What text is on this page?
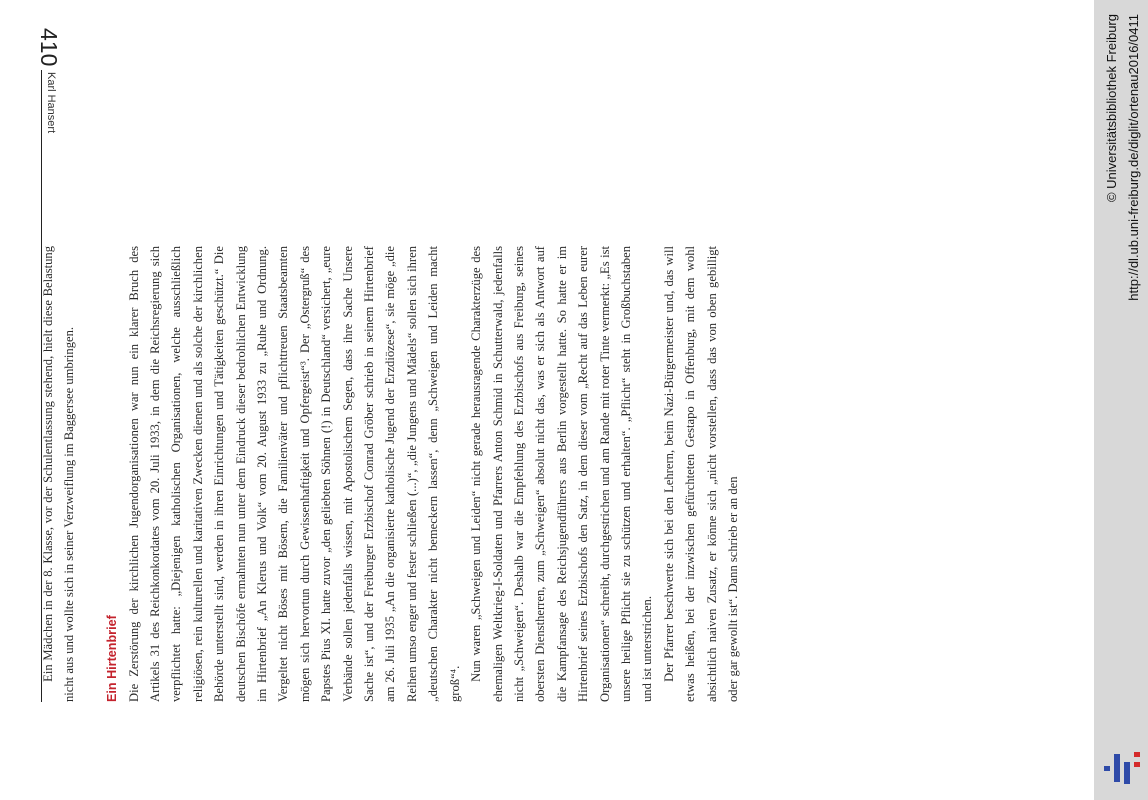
410
Karl Hansert

Ein Mädchen in der 8. Klasse, vor der Schulentlassung stehend, hielt diese Belastung nicht aus und wollte sich in seiner Verzweiflung im Baggersee umbringen.	Ein Hirtenbrief Die Zerstörung der kirchlichen Jugendorganisationen war nun ein klarer Bruch des Artikels 31 des Reichkonkordates vom 20. Juli 1933, in dem die Reichsregierung sich verpflichtet hatte: „Diejenigen katholischen Organisationen, welche ausschließlich religiösen, rein kulturellen und karitativen Zwecken dienen und als solche der kirchlichen Behörde unterstellt sind, werden in ihren Einrichtungen und Tätigkeiten geschützt.“ Die deutschen Bischöfe ermahnten nun unter dem Eindruck dieser bedrohlichen Entwicklung im Hirtenbrief „An Klerus und Volk“ vom 20. August 1933 zu „Ruhe und Ordnung. Vergeltet nicht Böses mit Bösem, die Familienväter und pflichttreuen Staatsbeamten mögen sich hervortun durch Gewissenhaftigkeit und Opfergeist“³. Der „Ostergruß“ des Papstes Pius XI. hatte zuvor „den geliebten Söhnen (!) in Deutschland“ versichert, „eure Verbände sollen jedenfalls wissen, mit Apostolischem Segen, dass ihre Sache Unsere Sache ist“, und der Freiburger Erzbischof Conrad Gröber schrieb in seinem Hirtenbrief am 26. Juli 1935 „An die organisierte katholische Jugend der Erzdiözese“, sie möge „die Reihen umso enger und fester schließen (...)“, „die Jungens und Mädels“ sollen sich ihren „deutschen Charakter nicht bemeckern lassen“, denn „Schweigen und Leiden macht groß“⁴.

Nun waren „Schweigen und Leiden“ nicht gerade herausragende Charakterzüge des ehemaligen Weltkrieg-I-Soldaten und Pfarrers Anton Schmid in Schutterwald, jedenfalls nicht „Schweigen“. Deshalb war die Empfehlung des Erzbischofs aus Freiburg, seines obersten Dienstherren, zum „Schweigen“ absolut nicht das, was er sich als Antwort auf die Kampfansage des Reichsjugendführers aus Berlin vorgestellt hatte. So hatte er im Hirtenbrief seines Erzbischofs den Satz, in dem dieser vom „Recht auf das Leben eurer Organisationen“ schreibt, durchgestrichen und am Rande mit roter Tinte vermerkt: „Es ist unsere heilige Pflicht sie zu schützen und erhalten“. „Pflicht“ steht in Großbuchstaben und ist unterstrichen. Der Pfarrer beschwerte sich bei den Lehrern, beim Nazi-Bürgermeister und, das will etwas heißen, bei der inzwischen gefürchteten Gestapo in Offenburg, mit dem wohl absichtlich naiven Zusatz, er könne sich „nicht vorstellen, dass das von oben gebilligt oder gar gewollt ist“. Dann schrieb er an den

http://dl.ub.uni-freiburg.de/diglit/ortenau2016/0411
© Universitätsbibliothek Freiburg
